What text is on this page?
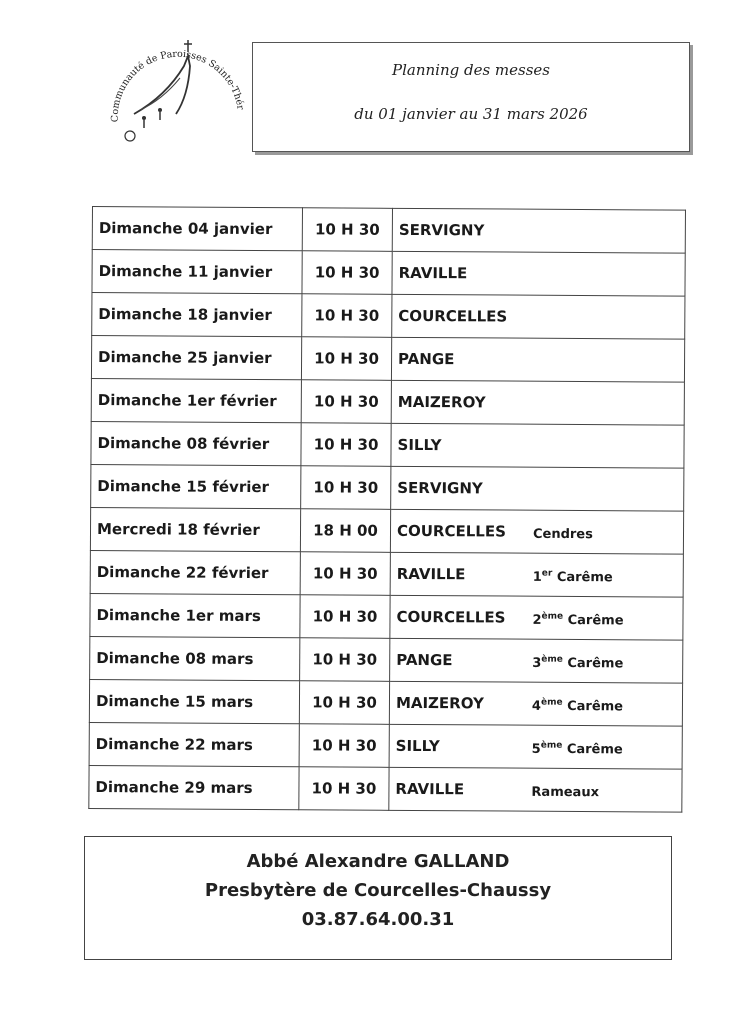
Communauté de Paroisses Sainte-Thér
Planning des messes
du 01 janvier au 31 mars 2026
Dimanche 04 janvier	10 H 30	SERVIGNY

Dimanche 11 janvier	10 H 30	RAVILLE

Dimanche 18 janvier	10 H 30	COURCELLES

Dimanche 25 janvier	10 H 30	PANGE

Dimanche 1er février	10 H 30	MAIZEROY

Dimanche 08 février	10 H 30	SILLY

Dimanche 15 février	10 H 30	SERVIGNY

Mercredi 18 février	18 H 00	COURCELLES Cendres

Dimanche 22 février	10 H 30	RAVILLE 1er Carême

Dimanche 1er mars	10 H 30	COURCELLES 2ème Carême

Dimanche 08 mars	10 H 30	PANGE 3ème Carême

Dimanche 15 mars	10 H 30	MAIZEROY 4ème Carême

Dimanche 22 mars	10 H 30	SILLY 5ème Carême

Dimanche 29 mars	10 H 30	RAVILLE Rameaux
Abbé Alexandre GALLAND
Presbytère de Courcelles-Chaussy
03.87.64.00.31
